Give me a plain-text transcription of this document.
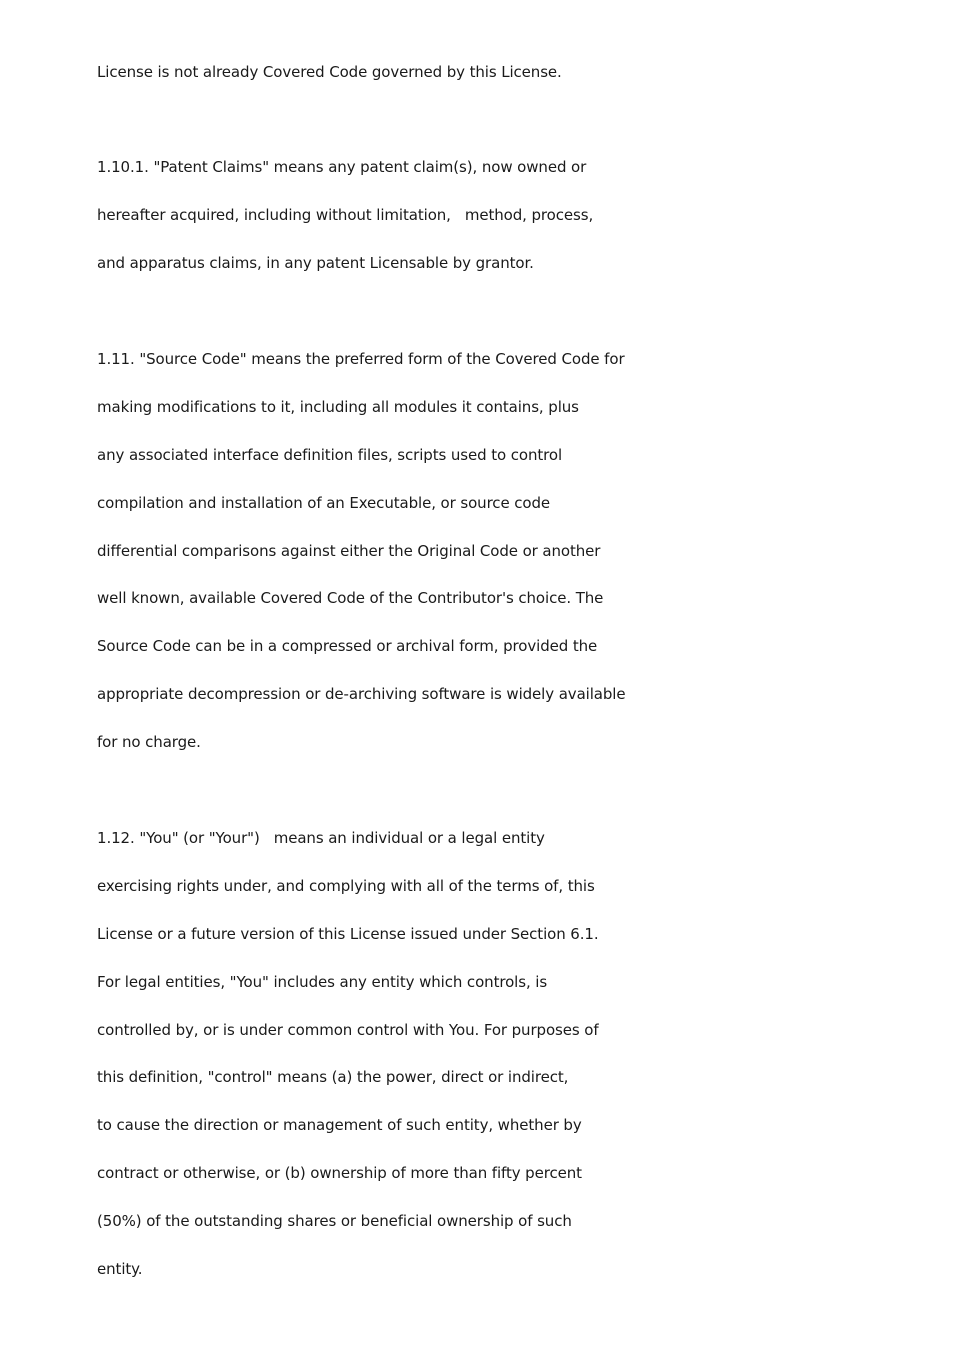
License is not already Covered Code governed by this License.
1.10.1. "Patent Claims" means any patent claim(s), now owned or
hereafter acquired, including without limitation,   method, process,
and apparatus claims, in any patent Licensable by grantor.
1.11. "Source Code" means the preferred form of the Covered Code for
making modifications to it, including all modules it contains, plus
any associated interface definition files, scripts used to control
compilation and installation of an Executable, or source code
differential comparisons against either the Original Code or another
well known, available Covered Code of the Contributor's choice. The
Source Code can be in a compressed or archival form, provided the
appropriate decompression or de-archiving software is widely available
for no charge.
1.12. "You" (or "Your")   means an individual or a legal entity
exercising rights under, and complying with all of the terms of, this
License or a future version of this License issued under Section 6.1.
For legal entities, "You" includes any entity which controls, is
controlled by, or is under common control with You. For purposes of
this definition, "control" means (a) the power, direct or indirect,
to cause the direction or management of such entity, whether by
contract or otherwise, or (b) ownership of more than fifty percent
(50%) of the outstanding shares or beneficial ownership of such
entity.
